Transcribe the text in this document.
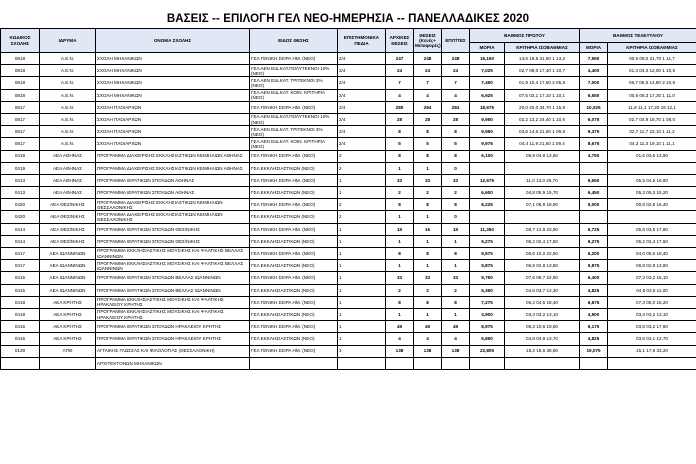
ΒΑΣΕΙΣ -- ΕΠΙΛΟΓΗ ΓΕΛ ΝΕΟ-ΗΜΕΡΗΣΙΑ -- ΠΑΝΕΛΛΑΔΙΚΕΣ 2020
ΚΩΔΙΚΟΣ ΣΧΟΛΗΣ	ΙΔΡΥΜΑ	ΟΝΟΜΑ ΣΧΟΛΗΣ	ΕΙΔΟΣ ΘΕΣΗΣ	ΕΠΙΣΤΗΜΟΝΙΚΑ ΠΕΔΙΑ	ΑΡΧΙΚΕΣ ΘΕΣΕΙΣ	ΘΕΣΕΙΣ (Κενές+ Μεταφορές)	ΕΠΙΤ/ΤΕΣ	ΒΑΘΜΟΣ ΠΡΩΤΟΥ		ΒΑΘΜΟΣ ΤΕΛΕΥΤΑΙΟΥ	
								ΜΟΡΙΑ	ΚΡΙΤΗΡΙΑ ΙΣΟΒΑΘΜΙΑΣ	ΜΟΡΙΑ	ΚΡΙΤΗΡΙΑ ΙΣΟΒΑΘΜΙΑΣ
0818	Α.Ε.Ν.	ΣΧΟΛΗ ΜΗΧΑΝΙΚΩΝ	ΓΕΛ ΓΕΝΙΚΗ ΣΕΙΡΑ ΗΜ. (ΝΕΟ)	2/4	247	248	248	16,150	13,6 19,5 31,50 1 13,2	7,550	00,5 08,0 21,70 1 11,7
0818	Α.Ε.Ν.	ΣΧΟΛΗ ΜΗΧΑΝΙΚΩΝ	ΓΕΛ ΑΕΝ ΕΙΔ.ΚΑΤ.ΠΟΛΥΤΕΚΝΟΙ 10% (ΝΕΟ)	2/4	24	24	24	7,025	02,7 08,0 17,40 1 10,7	4,400	01,3 04,3 12,00 1 10,5
0818	Α.Ε.Ν.	ΣΧΟΛΗ ΜΗΧΑΝΙΚΩΝ	ΓΕΛ ΑΕΝ ΕΙΔ.ΚΑΤ. ΤΡΙΤΕΚΝΟΙ 3% (ΝΕΟ)	2/4	7	7	7	7,450	01,9 10,4 17,50 2 05,8	7,000	06,7 06,5 14,80 2 10,8
0818	Α.Ε.Ν.	ΣΧΟΛΗ ΜΗΧΑΝΙΚΩΝ	ΓΕΛ ΑΕΝ ΕΙΔ.ΚΑΤ. ΚΟΙΝ. ΚΡΙΤΗΡΙΑ (ΝΕΟ)	2/4	4	4	4	6,925	07,5 03,1 17,10 1 10,1	6,550	00,6 08,3 17,30 1 11,0
0817	Α.Ε.Ν.	ΣΧΟΛΗ ΠΛΟΙΑΡΧΩΝ	ΓΕΛ ΓΕΝΙΚΗ ΣΕΙΡΑ ΗΜ. (ΝΕΟ)	2/4	280	284	284	18,675	20,0 20,0 34,70 1 15,9	10,025	11,8 11,1 17,20 19 12,1
0817	Α.Ε.Ν.	ΣΧΟΛΗ ΠΛΟΙΑΡΧΩΝ	ΓΕΛ ΑΕΝ ΕΙΔ.ΚΑΤ.ΠΟΛΥΤΕΚΝΟΙ 10% (ΝΕΟ)	2/4	28	28	28	9,950	02,2 13,2 24,40 1 10,6	6,075	02,7 04,9 16,70 1 08,0
0817	Α.Ε.Ν.	ΣΧΟΛΗ ΠΛΟΙΑΡΧΩΝ	ΓΕΛ ΑΕΝ ΕΙΔ.ΚΑΤ. ΤΡΙΤΕΚΝΟΙ 3% (ΝΕΟ)	2/4	8	8	8	9,950	03,6 14,6 21,60 1 09,8	9,375	02,7 11,7 23,10 1 11,2
0817	Α.Ε.Ν.	ΣΧΟΛΗ ΠΛΟΙΑΡΧΩΝ	ΓΕΛ ΑΕΝ ΕΙΔ.ΚΑΤ. ΚΟΙΝ. ΚΡΙΤΗΡΙΑ (ΝΕΟ)	2/4	5	5	5	9,975	04,4 11,9 21,60 1 09,4	8,675	04,3 11,3 19,10 1 11,1
0419	ΑΕΑ ΑΘΗΝΑΣ	ΠΡΟΓΡΑΜΜΑ ΔΙΑΧΕΙΡΙΣΗΣ ΕΚΚΛΗΣΙΑΣΤΙΚΩΝ ΚΕΙΜΗΛΙΩΝ ΑΘΗΝΑΣ	ΓΕΛ ΓΕΝΙΚΗ ΣΕΙΡΑ ΗΜ. (ΝΕΟ)	2	8	8	8	6,100	05,9 04,9 13,60	4,750	01,5 03,6 13,90
0419	ΑΕΑ ΑΘΗΝΑΣ	ΠΡΟΓΡΑΜΜΑ ΔΙΑΧΕΙΡΙΣΗΣ ΕΚΚΛΗΣΙΑΣΤΙΚΩΝ ΚΕΙΜΗΛΙΩΝ ΑΘΗΝΑΣ	ΓΕΛ ΕΚΚΛΗΣΙΑΣΤΙΚΩΝ (ΝΕΟ)	2	1	1	0				
0413	ΑΕΑ ΑΘΗΝΑΣ	ΠΡΟΓΡΑΜΜΑ ΙΕΡΑΤΙΚΩΝ ΣΠΟΥΔΩΝ ΑΘΗΝΑΣ	ΓΕΛ ΓΕΝΙΚΗ ΣΕΙΡΑ ΗΜ. (ΝΕΟ)	1	33	33	33	12,675	11,0 13,0 26,70	6,650	05,5 04,5 16,60
0413	ΑΕΑ ΑΘΗΝΑΣ	ΠΡΟΓΡΑΜΜΑ ΙΕΡΑΤΙΚΩΝ ΣΠΟΥΔΩΝ ΑΘΗΝΑΣ	ΓΕΛ ΕΚΚΛΗΣΙΑΣΤΙΚΩΝ (ΝΕΟ)	1	2	2	2	6,600	04,8 05,9 15,70	6,450	05,3 05,3 15,20
0420	ΑΕΑ ΘΕΣ/ΝΙΚΗΣ	ΠΡΟΓΡΑΜΜΑ ΔΙΑΧΕΙΡΙΣΗΣ ΕΚΚΛΗΣΙΑΣΤΙΚΩΝ ΚΕΙΜΗΛΙΩΝ ΘΕΣΣΑΛΟΝΙΚΗΣ	ΓΕΛ ΓΕΝΙΚΗ ΣΕΙΡΑ ΗΜ. (ΝΕΟ)	2	8	8	8	8,225	07,1 06,9 18,90	5,000	00,8 02,8 16,40
0420	ΑΕΑ ΘΕΣ/ΝΙΚΗΣ	ΠΡΟΓΡΑΜΜΑ ΔΙΑΧΕΙΡΙΣΗΣ ΕΚΚΛΗΣΙΑΣΤΙΚΩΝ ΚΕΙΜΗΛΙΩΝ ΘΕΣΣΑΛΟΝΙΚΗΣ	ΓΕΛ ΕΚΚΛΗΣΙΑΣΤΙΚΩΝ (ΝΕΟ)	2	1	1	0				
0414	ΑΕΑ ΘΕΣ/ΝΙΚΗΣ	ΠΡΟΓΡΑΜΜΑ ΙΕΡΑΤΙΚΩΝ ΣΠΟΥΔΩΝ ΘΕΣ/ΝΙΚΗΣ	ΓΕΛ ΓΕΝΙΚΗ ΣΕΙΡΑ ΗΜ. (ΝΕΟ)	1	16	16	16	11,350	08,7 12,8 23,90	6,725	05,6 03,5 17,80
0414	ΑΕΑ ΘΕΣ/ΝΙΚΗΣ	ΠΡΟΓΡΑΜΜΑ ΙΕΡΑΤΙΚΩΝ ΣΠΟΥΔΩΝ ΘΕΣ/ΝΙΚΗΣ	ΓΕΛ ΕΚΚΛΗΣΙΑΣΤΙΚΩΝ (ΝΕΟ)	1	1	1	1	6,275	05,2 02,4 17,50	6,275	05,2 02,4 17,50
0417	ΑΕΑ ΙΩΑΝΝΙΝΩΝ	ΠΡΟΓΡΑΜΜΑ ΕΚΚΛΗΣΙΑΣΤΙΚΗΣ ΜΟΥΣΙΚΗΣ ΚΑΙ ΨΑΛΤΙΚΗΣ ΒΕΛΛΑΣ ΙΩΑΝΝΙΝΩΝ	ΓΕΛ ΓΕΝΙΚΗ ΣΕΙΡΑ ΗΜ. (ΝΕΟ)	1	8	8	8	9,575	05,6 10,2 22,50	6,200	04,0 05,6 18,40
0417	ΑΕΑ ΙΩΑΝΝΙΝΩΝ	ΠΡΟΓΡΑΜΜΑ ΕΚΚΛΗΣΙΑΣΤΙΚΗΣ ΜΟΥΣΙΚΗΣ ΚΑΙ ΨΑΛΤΙΚΗΣ ΒΕΛΛΑΣ ΙΩΑΝΝΙΝΩΝ	ΓΕΛ ΕΚΚΛΗΣΙΑΣΤΙΚΩΝ (ΝΕΟ)	1	1	1	1	5,875	06,9 02,8 13,80	5,875	06,9 02,8 13,80
0415	ΑΕΑ ΙΩΑΝΝΙΝΩΝ	ΠΡΟΓΡΑΜΜΑ ΙΕΡΑΤΙΚΩΝ ΣΠΟΥΔΩΝ ΒΕΛΛΑΣ ΙΩΑΝΝΙΝΩΝ	ΓΕΛ ΓΕΝΙΚΗ ΣΕΙΡΑ ΗΜ. (ΝΕΟ)	1	33	33	33	9,750	07,6 09,7 22,80	6,400	07,3 03,2 15,10
0415	ΑΕΑ ΙΩΑΝΝΙΝΩΝ	ΠΡΟΓΡΑΜΜΑ ΙΕΡΑΤΙΚΩΝ ΣΠΟΥΔΩΝ ΒΕΛΛΑΣ ΙΩΑΝΝΙΝΩΝ	ΓΕΛ ΕΚΚΛΗΣΙΑΣΤΙΚΩΝ (ΝΕΟ)	1	2	2	2	5,350	04,6 03,7 13,30	4,825	04,8 03,5 11,00
0418	ΑΕΑ ΚΡΗΤΗΣ	ΠΡΟΓΡΑΜΜΑ ΕΚΚΛΗΣΙΑΣΤΙΚΗΣ ΜΟΥΣΙΚΗΣ ΚΑΙ ΨΑΛΤΙΚΗΣ ΗΡΑΚΛΕΙΟΥ ΚΡΗΤΗΣ	ΓΕΛ ΓΕΝΙΚΗ ΣΕΙΡΑ ΗΜ. (ΝΕΟ)	1	8	8	8	7,275	06,2 04,5 18,40	6,875	07,3 05,0 15,20
0418	ΑΕΑ ΚΡΗΤΗΣ	ΠΡΟΓΡΑΜΜΑ ΕΚΚΛΗΣΙΑΣΤΙΚΗΣ ΜΟΥΣΙΚΗΣ ΚΑΙ ΨΑΛΤΙΚΗΣ ΗΡΑΚΛΕΙΟΥ ΚΡΗΤΗΣ	ΓΕΛ ΕΚΚΛΗΣΙΑΣΤΙΚΩΝ (ΝΕΟ)	1	1	1	1	4,900	03,3 03,2 13,10	4,900	03,3 03,2 13,10
0416	ΑΕΑ ΚΡΗΤΗΣ	ΠΡΟΓΡΑΜΜΑ ΙΕΡΑΤΙΚΩΝ ΣΠΟΥΔΩΝ ΗΡΑΚΛΕΙΟΥ ΚΡΗΤΗΣ	ΓΕΛ ΓΕΝΙΚΗ ΣΕΙΡΑ ΗΜ. (ΝΕΟ)	1	49	49	49	8,975	05,3 10,6 19,60	6,175	03,8 03,2 17,60
0416	ΑΕΑ ΚΡΗΤΗΣ	ΠΡΟΓΡΑΜΜΑ ΙΕΡΑΤΙΚΩΝ ΣΠΟΥΔΩΝ ΗΡΑΚΛΕΙΟΥ ΚΡΗΤΗΣ	ΓΕΛ ΕΚΚΛΗΣΙΑΣΤΙΚΩΝ (ΝΕΟ)	1	4	4	4	5,850	04,8 04,9 13,70	4,825	03,5 03,1 12,70
0129	ΑΠΘ	ΑΓΓΛΙΚΗΣ ΓΛΩΣΣΑΣ ΚΑΙ ΦΙΛΟΛΟΓΙΑΣ (ΘΕΣΣΑΛΟΝΙΚΗ)	ΓΕΛ ΓΕΝΙΚΗ ΣΕΙΡΑ ΗΜ. (ΝΕΟ)	1	138	138	138	22,805	18,2 18,6 38,90	19,075	15,1 17,6 33,20
		ΑΡΧΙΤΕΚΤΟΝΩΝ ΜΗΧΑΝΙΚΩΝ									
